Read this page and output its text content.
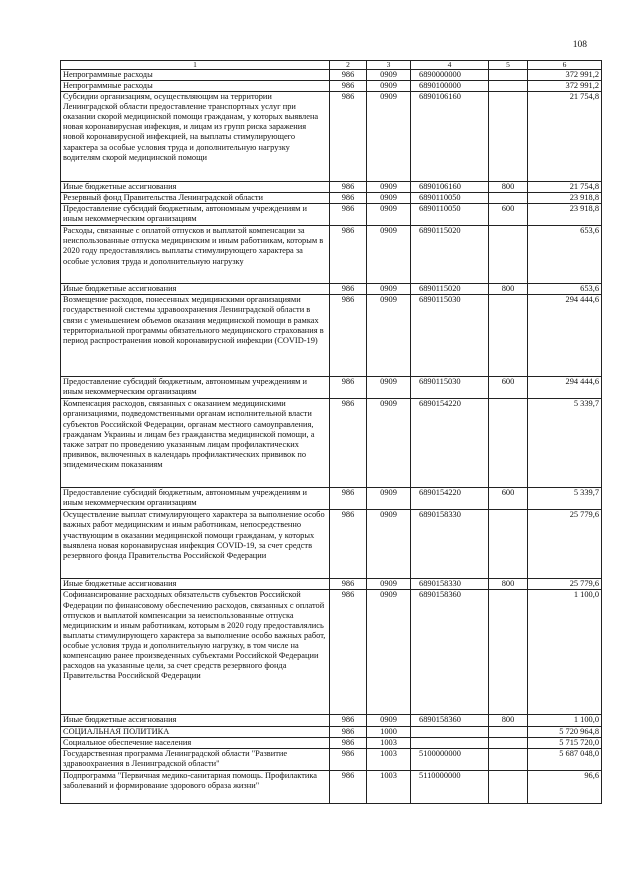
108
1	2	3	4	5	6
Непрограммные расходы	986	0909	6890000000		372 991,2
Непрограммные расходы	986	0909	6890100000		372 991,2
Субсидии организациям, осуществляющим на территории Ленинградской области предоставление транспортных услуг при оказании скорой медицинской помощи гражданам, у которых выявлена новая коронавирусная инфекция, и лицам из групп риска заражения новой коронавирусной инфекцией, на выплаты стимулирующего характера за особые условия труда и дополнительную нагрузку водителям скорой медицинской помощи	986	0909	6890106160		21 754,8
Иные бюджетные ассигнования	986	0909	6890106160	800	21 754,8
Резервный фонд Правительства Ленинградской области	986	0909	6890110050		23 918,8
Предоставление субсидий бюджетным, автономным учреждениям и иным некоммерческим организациям	986	0909	6890110050	600	23 918,8
Расходы, связанные с оплатой отпусков и выплатой компенсации за неиспользованные отпуска медицинским и иным работникам, которым в 2020 году предоставлялись выплаты стимулирующего характера за особые условия труда и дополнительную нагрузку	986	0909	6890115020		653,6
Иные бюджетные ассигнования	986	0909	6890115020	800	653,6
Возмещение расходов, понесенных медицинскими организациями государственной системы здравоохранения Ленинградской области в связи с уменьшением объемов оказания медицинской помощи в рамках территориальной программы обязательного медицинского страхования в период распространения новой коронавирусной инфекции (COVID-19)	986	0909	6890115030		294 444,6
Предоставление субсидий бюджетным, автономным учреждениям и иным некоммерческим организациям	986	0909	6890115030	600	294 444,6
Компенсация расходов, связанных с оказанием медицинскими организациями, подведомственными органам исполнительной власти субъектов Российской Федерации, органам местного самоуправления, гражданам Украины и лицам без гражданства медицинской помощи, а также затрат по проведению указанным лицам профилактических прививок, включенных в календарь профилактических прививок по эпидемическим показаниям	986	0909	6890154220		5 339,7
Предоставление субсидий бюджетным, автономным учреждениям и иным некоммерческим организациям	986	0909	6890154220	600	5 339,7
Осуществление выплат стимулирующего характера за выполнение особо важных работ медицинским и иным работникам, непосредственно участвующим в оказании медицинской помощи гражданам, у которых выявлена новая коронавирусная инфекция COVID-19, за счет средств резервного фонда Правительства Российской Федерации	986	0909	6890158330		25 779,6
Иные бюджетные ассигнования	986	0909	6890158330	800	25 779,6
Софинансирование расходных обязательств субъектов Российской Федерации по финансовому обеспечению расходов, связанных с оплатой отпусков и выплатой компенсации за неиспользованные отпуска медицинским и иным работникам, которым в 2020 году предоставлялись выплаты стимулирующего характера за выполнение особо важных работ, особые условия труда и дополнительную нагрузку, в том числе на компенсацию ранее произведенных субъектами Российской Федерации расходов на указанные цели, за счет средств резервного фонда Правительства Российской Федерации	986	0909	6890158360		1 100,0
Иные бюджетные ассигнования	986	0909	6890158360	800	1 100,0
СОЦИАЛЬНАЯ ПОЛИТИКА	986	1000			5 720 964,8
Социальное обеспечение населения	986	1003			5 715 720,0
Государственная программа Ленинградской области "Развитие здравоохранения в Ленинградской области"	986	1003	5100000000		5 687 048,0
Подпрограмма "Первичная медико-санитарная помощь. Профилактика заболеваний и формирование здорового образа жизни"	986	1003	5110000000		96,6
